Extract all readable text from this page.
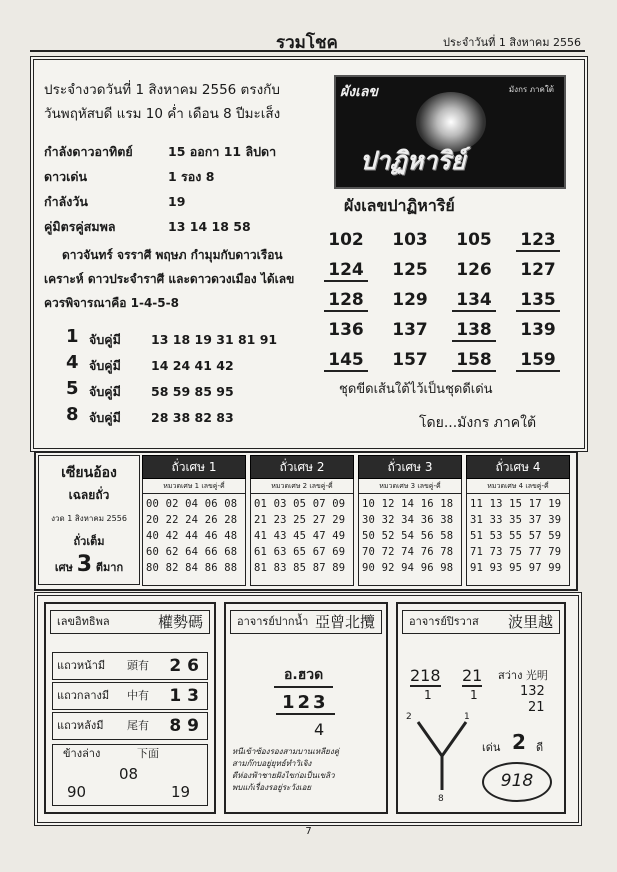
รวมโชค	ประจำวันที่ 1 สิงหาคม 2556
ประจำงวดวันที่ 1 สิงหาคม 2556 ตรงกับ
วันพฤหัสบดี แรม 10 ค่ำ เดือน 8 ปีมะเส็ง
กำลังดาวอาทิตย์	15 ออกา 11 ลิปดา
ดาวเด่น	1 รอง 8
กำลังวัน	19
คู่มิตรคู่สมพล	13 14 18 58
ดาวจันทร์ จรราศี พฤษภ กำมุมกับดาวเรือน
เคราะห์ ดาวประจำราศี และดาวดวงเมือง ได้เลข
ควรพิจารณาคือ 1-4-5-8
1 จับคู่มี 13 18 19 31 81 91
4 จับคู่มี 14 24 41 42
5 จับคู่มี 58 59 85 95
8 จับคู่มี 28 38 82 83
ผังเลข	มังกร ภาคใต้
ปาฏิหาริย์
ผังเลขปาฏิหาริย์
102 103 105 123
124 125 126 127
128 129 134 135
136 137 138 139
145 157 158 159
ชุดขีดเส้นใต้ไว้เป็นชุดดีเด่น
โดย...มังกร ภาคใต้
เซียนอ้อง
เฉลยถั่ว
งวด 1 สิงหาคม 2556
ถั่วเต็ม
เศษ 3 ตีมาก
ถั่วเศษ 1
หมวดเศษ 1 เลขคู่-คี่
00 02 04 06 08
20 22 24 26 28
40 42 44 46 48
60 62 64 66 68
80 82 84 86 88
ถั่วเศษ 2
หมวดเศษ 2 เลขคู่-คี่
01 03 05 07 09
21 23 25 27 29
41 43 45 47 49
61 63 65 67 69
81 83 85 87 89
ถั่วเศษ 3
หมวดเศษ 3 เลขคู่-คี่
10 12 14 16 18
30 32 34 36 38
50 52 54 56 58
70 72 74 76 78
90 92 94 96 98
ถั่วเศษ 4
หมวดเศษ 4 เลขคู่-คี่
11 13 15 17 19
31 33 35 37 39
51 53 55 57 59
71 73 75 77 79
91 93 95 97 99
เลขอิทธิพล	權勢碼
แถวหน้ามี 頭有 2 6
แถวกลางมี 中有 1 3
แถวหลังมี 尾有 8 9
ข้างล่าง	下面
08
90	19
อาจารย์ปากน้ำ 亞曾北攬
อ.ฮวด
123
4
หนีเข้าซ้องรองสามบานเหลียงคู่
สามก๊กบอยู่ยุทธ์ทำวิเจิง
ดีห่องฟ้าชายฝังไขก่อเป็นเขลิว
พบแก้เรื่องรอยู่ระวังเอย
อาจารย์ปิรวาส 波里越
218 21 สว่าง 光明
1	1	132
21
2	1
8
เด่น 2 ดี
918
7
